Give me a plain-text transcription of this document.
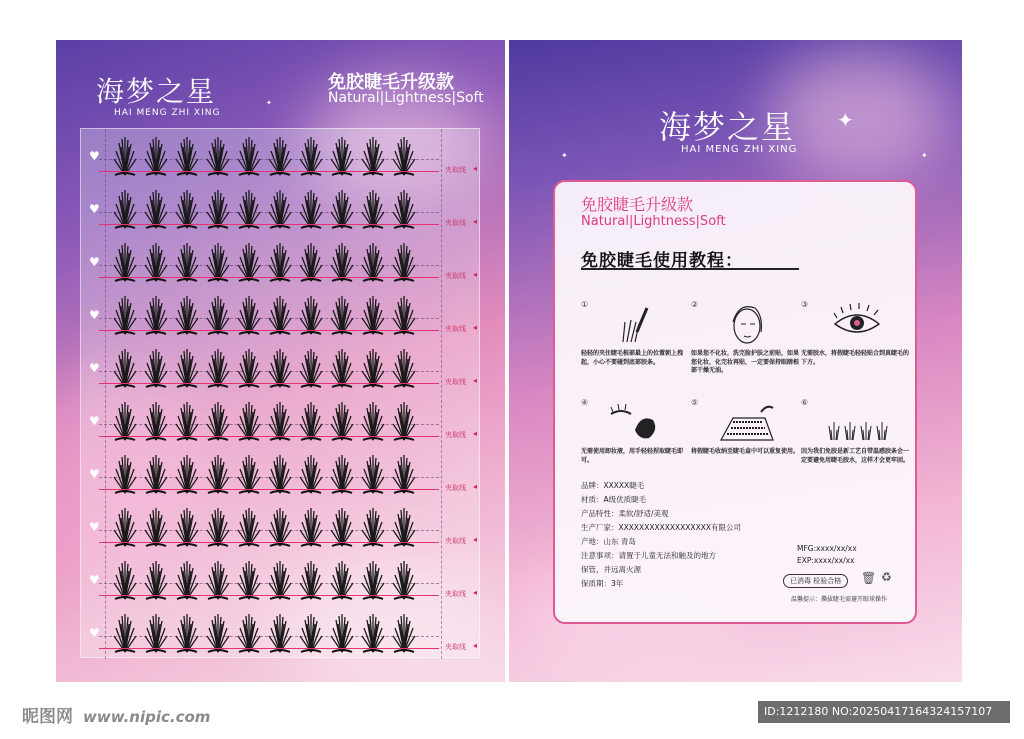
海梦之星
HAI MENG ZHI XING
免胶睫毛升级款
Natural|Lightness|Soft
✦
♥
夹取线 ◂
♥
夹取线 ◂
♥
夹取线 ◂
♥
夹取线 ◂
♥
夹取线 ◂
♥
夹取线 ◂
♥
夹取线 ◂
♥
夹取线 ◂
♥
夹取线 ◂
♥
夹取线 ◂
海梦之星
HAI MENG ZHI XING
✦
✦	✦
免胶睫毛升级款
Natural|Lightness|Soft
免胶睫毛使用教程：
①
轻轻的夹住睫毛根部最上的位置朝上拽起，小心不要碰到底部胶条。
②
如果您不化妆，洗完脸护肤之前贴，如果您化妆，化完妆再贴，一定要保持眼睛根部干燥无油。
③
无需胶水，将假睫毛轻轻贴合到真睫毛的下方。
④
无需使用卸妆液，用手轻轻捏取睫毛即可。
⑤
将假睫毛收纳至睫毛盒中可以重复使用。
⑥
因为我们免胶是新工艺自带温感胶条会一定要避免用睫毛胶水，这样才会更牢固。
品牌：XXXXX睫毛
材质：A级优质睫毛
产品特性：柔软/舒适/美观
生产厂家：XXXXXXXXXXXXXXXXXX有限公司
产地：山东 青岛
注意事项：请置于儿童无法和触及的地方
保管，并远离火源
保质期：3年
MFG:xxxx/xx/xx
EXP:xxxx/xx/xx
已消毒 检验合格	🗑 ♻
温馨提示：撕拔睫毛需避开眼球操作
昵图网 www.nipic.com	ID:1212180 NO:20250417164324157107
